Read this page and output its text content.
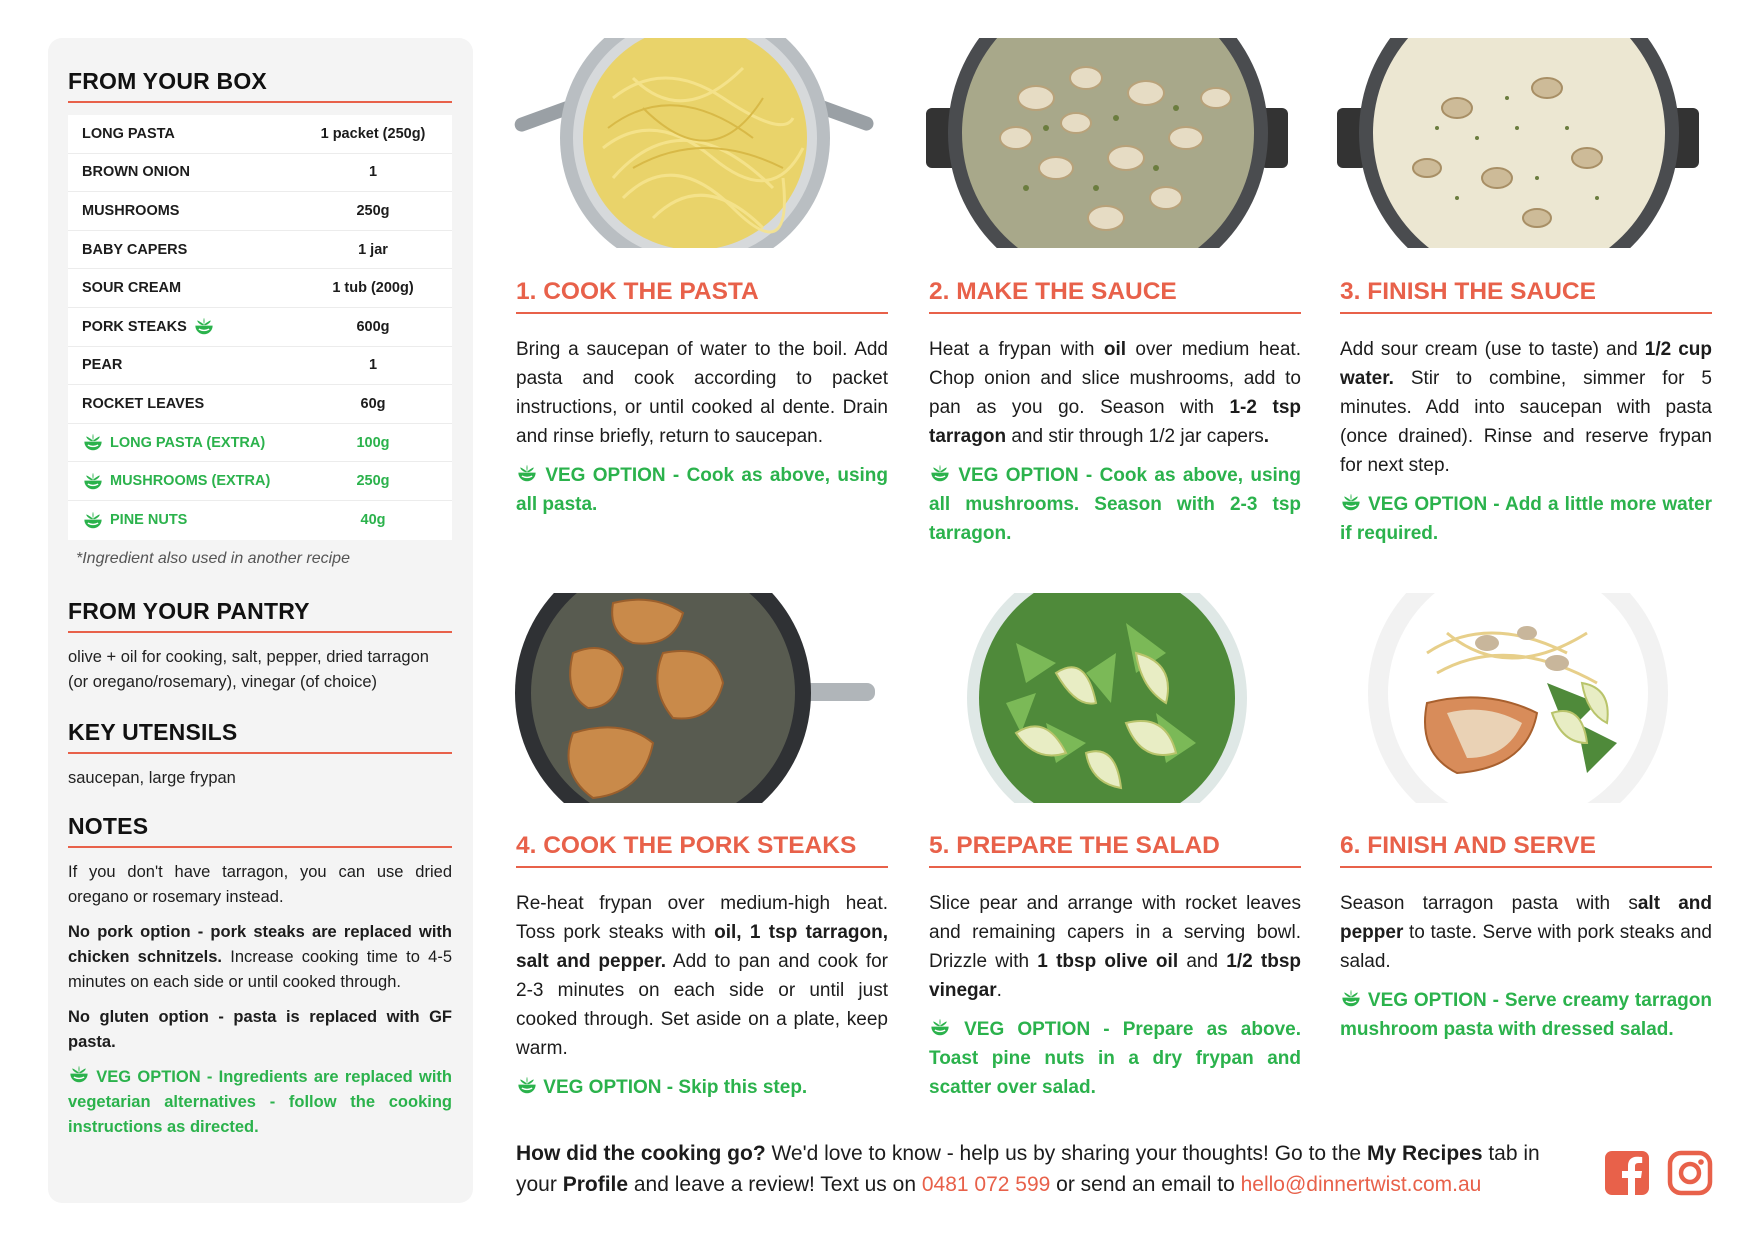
FROM YOUR BOX
LONG PASTA	1 packet (250g)
BROWN ONION	1
MUSHROOMS	250g
BABY CAPERS	1 jar
SOUR CREAM	1 tub (200g)
PORK STEAKS	600g
PEAR	1
ROCKET LEAVES	60g
LONG PASTA (EXTRA)	100g
MUSHROOMS (EXTRA)	250g
PINE NUTS	40g
*Ingredient also used in another recipe
FROM YOUR PANTRY

olive + oil for cooking, salt, pepper, dried tarragon (or oregano/rosemary), vinegar (of choice)

KEY UTENSILS

saucepan, large frypan

NOTES

If you don't have tarragon, you can use dried oregano or rosemary instead.

No pork option - pork steaks are replaced with chicken schnitzels. Increase cooking time to 4-5 minutes on each side or until cooked through.

No gluten option - pasta is replaced with GF pasta.

VEG OPTION - Ingredients are replaced with vegetarian alternatives - follow the cooking instructions as directed.

1. COOK THE PASTA

Bring a saucepan of water to the boil. Add pasta and cook according to packet instructions, or until cooked al dente. Drain and rinse briefly, return to saucepan.

VEG OPTION - Cook as above, using all pasta.

2. MAKE THE SAUCE

Heat a frypan with oil over medium heat. Chop onion and slice mushrooms, add to pan as you go. Season with 1-2 tsp tarragon and stir through 1/2 jar capers.

VEG OPTION - Cook as above, using all mushrooms. Season with 2-3 tsp tarragon.

3. FINISH THE SAUCE

Add sour cream (use to taste) and 1/2 cup water. Stir to combine, simmer for 5 minutes. Add into saucepan with pasta (once drained). Rinse and reserve frypan for next step.

VEG OPTION - Add a little more water if required.

4. COOK THE PORK STEAKS

Re-heat frypan over medium-high heat. Toss pork steaks with oil, 1 tsp tarragon, salt and pepper. Add to pan and cook for 2-3 minutes on each side or until just cooked through. Set aside on a plate, keep warm.

VEG OPTION - Skip this step.

5. PREPARE THE SALAD

Slice pear and arrange with rocket leaves and remaining capers in a serving bowl. Drizzle with 1 tbsp olive oil and 1/2 tbsp vinegar.

VEG OPTION - Prepare as above. Toast pine nuts in a dry frypan and scatter over salad.

6. FINISH AND SERVE

Season tarragon pasta with salt and pepper to taste. Serve with pork steaks and salad.

VEG OPTION - Serve creamy tarragon mushroom pasta with dressed salad.

How did the cooking go? We'd love to know - help us by sharing your thoughts! Go to the My Recipes tab in your Profile and leave a review! Text us on 0481 072 599 or send an email to hello@dinnertwist.com.au
